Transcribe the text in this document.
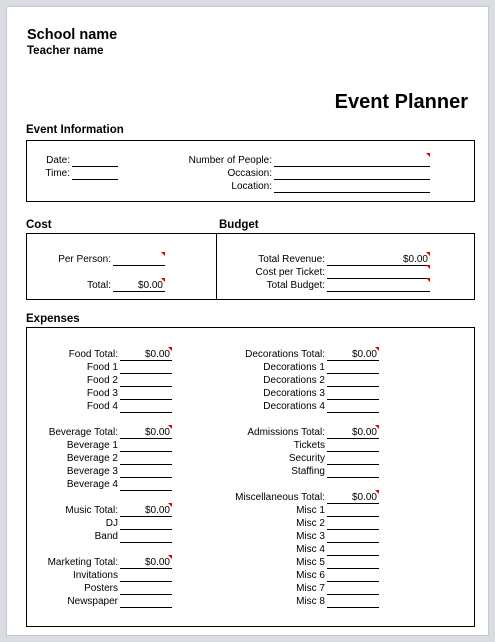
School name
Teacher name
Event Planner
Event Information
Date:
Time:
Number of People:
Occasion:
Location:
Cost	Budget
Per Person:
Total:	$0.00
Total Revenue:	$0.00
Cost per Ticket:
Total Budget:
Expenses
Food Total:	$0.00
Food 1
Food 2
Food 3
Food 4
Beverage Total:	$0.00
Beverage 1
Beverage 2
Beverage 3
Beverage 4
Music Total:	$0.00
DJ
Band
Marketing Total:	$0.00
Invitations
Posters
Newspaper
Decorations Total:	$0.00
Decorations 1
Decorations 2
Decorations 3
Decorations 4
Admissions Total:	$0.00
Tickets
Security
Staffing
Miscellaneous Total:	$0.00
Misc 1
Misc 2
Misc 3
Misc 4
Misc 5
Misc 6
Misc 7
Misc 8
